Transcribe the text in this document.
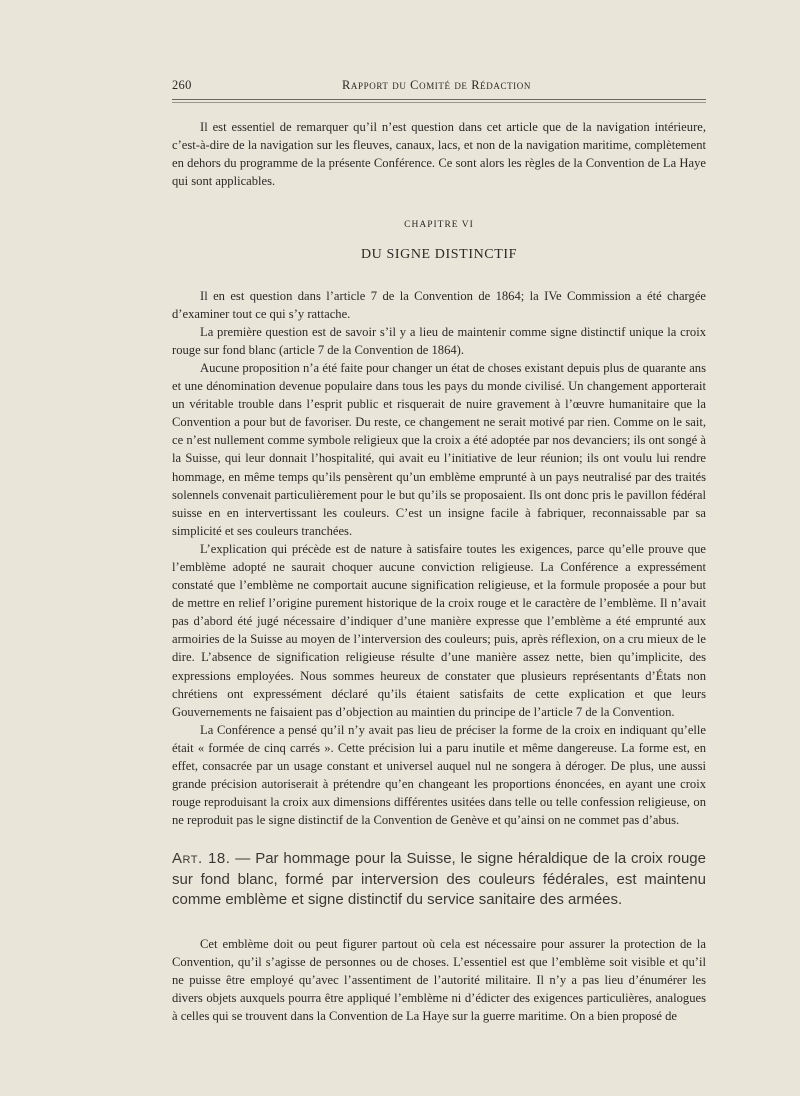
260	Rapport du Comité de Rédaction

Il est essentiel de remarquer qu’il n’est question dans cet article que de la navigation intérieure, c’est-à-dire de la navigation sur les fleuves, canaux, lacs, et non de la navigation maritime, complètement en dehors du programme de la présente Conférence. Ce sont alors les règles de la Convention de La Haye qui sont applicables.

CHAPITRE VI
DU SIGNE DISTINCTIF

Il en est question dans l’article 7 de la Convention de 1864; la IVe Commission a été chargée d’examiner tout ce qui s’y rattache.

La première question est de savoir s’il y a lieu de maintenir comme signe distinctif unique la croix rouge sur fond blanc (article 7 de la Convention de 1864).

Aucune proposition n’a été faite pour changer un état de choses existant depuis plus de quarante ans et une dénomination devenue populaire dans tous les pays du monde civilisé. Un changement apporterait un véritable trouble dans l’esprit public et risquerait de nuire gravement à l’œuvre humanitaire que la Convention a pour but de favoriser. Du reste, ce changement ne serait motivé par rien. Comme on le sait, ce n’est nullement comme symbole religieux que la croix a été adoptée par nos devanciers; ils ont songé à la Suisse, qui leur donnait l’hospitalité, qui avait eu l’initiative de leur réunion; ils ont voulu lui rendre hommage, en même temps qu’ils pensèrent qu’un emblème emprunté à un pays neutralisé par des traités solennels convenait particulièrement pour le but qu’ils se proposaient. Ils ont donc pris le pavillon fédéral suisse en en intervertissant les couleurs. C’est un insigne facile à fabriquer, reconnaissable par sa simplicité et ses couleurs tranchées.

L’explication qui précède est de nature à satisfaire toutes les exigences, parce qu’elle prouve que l’emblème adopté ne saurait choquer aucune conviction religieuse. La Conférence a expressément constaté que l’emblème ne comportait aucune signification religieuse, et la formule proposée a pour but de mettre en relief l’origine purement historique de la croix rouge et le caractère de l’emblème. Il n’avait pas d’abord été jugé nécessaire d’indiquer d’une manière expresse que l’emblème a été emprunté aux armoiries de la Suisse au moyen de l’interversion des couleurs; puis, après réflexion, on a cru mieux de le dire. L’absence de signification religieuse résulte d’une manière assez nette, bien qu’implicite, des expressions employées. Nous sommes heureux de constater que plusieurs représentants d’États non chrétiens ont expressément déclaré qu’ils étaient satisfaits de cette explication et que leurs Gouvernements ne faisaient pas d’objection au maintien du principe de l’article 7 de la Convention.

La Conférence a pensé qu’il n’y avait pas lieu de préciser la forme de la croix en indiquant qu’elle était « formée de cinq carrés ». Cette précision lui a paru inutile et même dangereuse. La forme est, en effet, consacrée par un usage constant et universel auquel nul ne songera à déroger. De plus, une aussi grande précision autoriserait à prétendre qu’en changeant les proportions énoncées, en ayant une croix rouge reproduisant la croix aux dimensions différentes usitées dans telle ou telle confession religieuse, on ne reproduit pas le signe distinctif de la Convention de Genève et qu’ainsi on ne commet pas d’abus.

Art. 18. — Par hommage pour la Suisse, le signe héraldique de la croix rouge sur fond blanc, formé par interversion des couleurs fédérales, est maintenu comme emblème et signe distinctif du service sanitaire des armées.

Cet emblème doit ou peut figurer partout où cela est nécessaire pour assurer la protection de la Convention, qu’il s’agisse de personnes ou de choses. L’essentiel est que l’emblème soit visible et qu’il ne puisse être employé qu’avec l’assentiment de l’autorité militaire. Il n’y a pas lieu d’énumérer les divers objets auxquels pourra être appliqué l’emblème ni d’édicter des exigences particulières, analogues à celles qui se trouvent dans la Convention de La Haye sur la guerre maritime. On a bien proposé de
